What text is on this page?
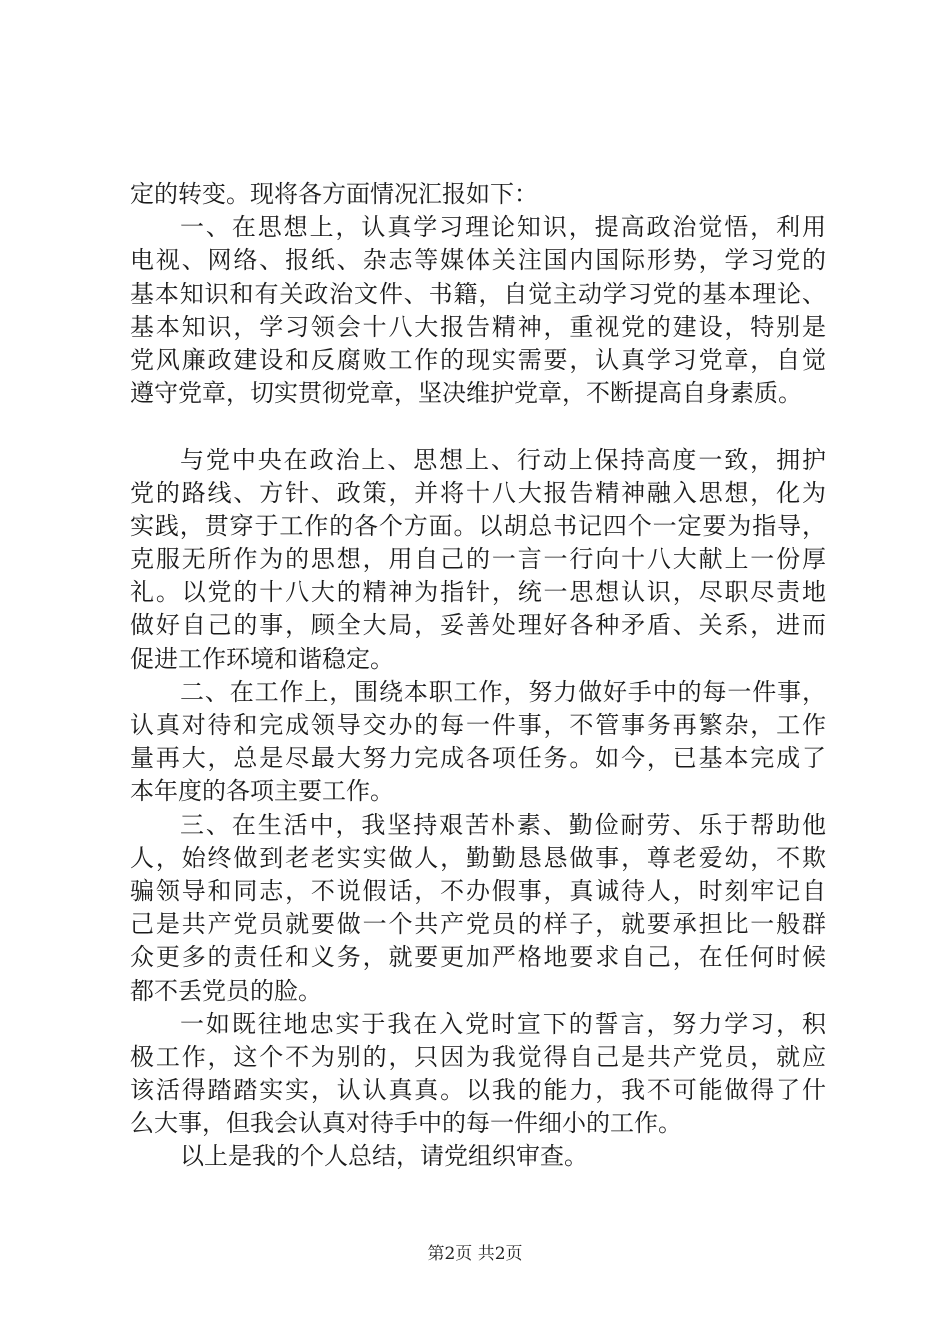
定的转变。现将各方面情况汇报如下：
一、在思想上，认真学习理论知识，提高政治觉悟，利用
电视、网络、报纸、杂志等媒体关注国内国际形势，学习党的
基本知识和有关政治文件、书籍，自觉主动学习党的基本理论、
基本知识，学习领会十八大报告精神，重视党的建设，特别是
党风廉政建设和反腐败工作的现实需要，认真学习党章，自觉
遵守党章，切实贯彻党章，坚决维护党章，不断提高自身素质。
与党中央在政治上、思想上、行动上保持高度一致，拥护
党的路线、方针、政策，并将十八大报告精神融入思想，化为
实践，贯穿于工作的各个方面。以胡总书记四个一定要为指导，
克服无所作为的思想，用自己的一言一行向十八大献上一份厚
礼。以党的十八大的精神为指针，统一思想认识，尽职尽责地
做好自己的事，顾全大局，妥善处理好各种矛盾、关系，进而
促进工作环境和谐稳定。
二、在工作上，围绕本职工作，努力做好手中的每一件事，
认真对待和完成领导交办的每一件事，不管事务再繁杂，工作
量再大，总是尽最大努力完成各项任务。如今，已基本完成了
本年度的各项主要工作。
三、在生活中，我坚持艰苦朴素、勤俭耐劳、乐于帮助他
人，始终做到老老实实做人，勤勤恳恳做事，尊老爱幼，不欺
骗领导和同志，不说假话，不办假事，真诚待人，时刻牢记自
己是共产党员就要做一个共产党员的样子，就要承担比一般群
众更多的责任和义务，就要更加严格地要求自己，在任何时候
都不丢党员的脸。
一如既往地忠实于我在入党时宣下的誓言，努力学习，积
极工作，这个不为别的，只因为我觉得自己是共产党员，就应
该活得踏踏实实，认认真真。以我的能力，我不可能做得了什
么大事，但我会认真对待手中的每一件细小的工作。
以上是我的个人总结，请党组织审查。
第2页 共2页
